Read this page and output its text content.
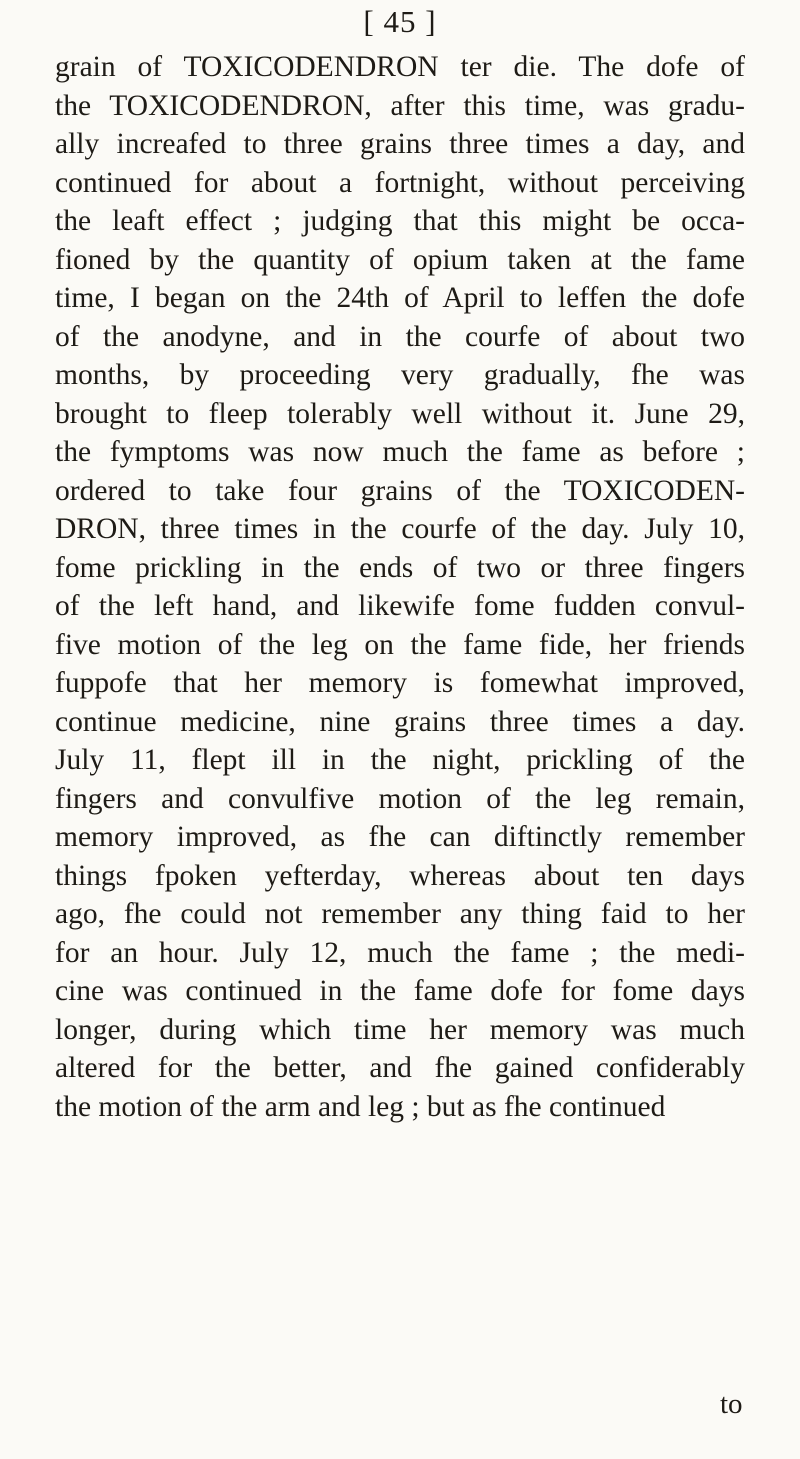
[ 45 ]
grain of TOXICODENDRON ter die. The dofe of
the TOXICODENDRON, after this time, was gradu-
ally increafed to three grains three times a day, and
continued for about a fortnight, without perceiving
the leaft effect ; judging that this might be occa-
fioned by the quantity of opium taken at the fame
time, I began on the 24th of April to leffen the dofe
of the anodyne, and in the courfe of about two
months, by proceeding very gradually, fhe was
brought to fleep tolerably well without it. June 29,
the fymptoms was now much the fame as before ;
ordered to take four grains of the TOXICODEN-
DRON, three times in the courfe of the day. July 10,
fome prickling in the ends of two or three fingers
of the left hand, and likewife fome fudden convul-
five motion of the leg on the fame fide, her friends
fuppofe that her memory is fomewhat improved,
continue medicine, nine grains three times a day.
July 11, flept ill in the night, prickling of the
fingers and convulfive motion of the leg remain,
memory improved, as fhe can diftinctly remember
things fpoken yefterday, whereas about ten days
ago, fhe could not remember any thing faid to her
for an hour. July 12, much the fame ; the medi-
cine was continued in the fame dofe for fome days
longer, during which time her memory was much
altered for the better, and fhe gained confiderably
the motion of the arm and leg ; but as fhe continued
to
